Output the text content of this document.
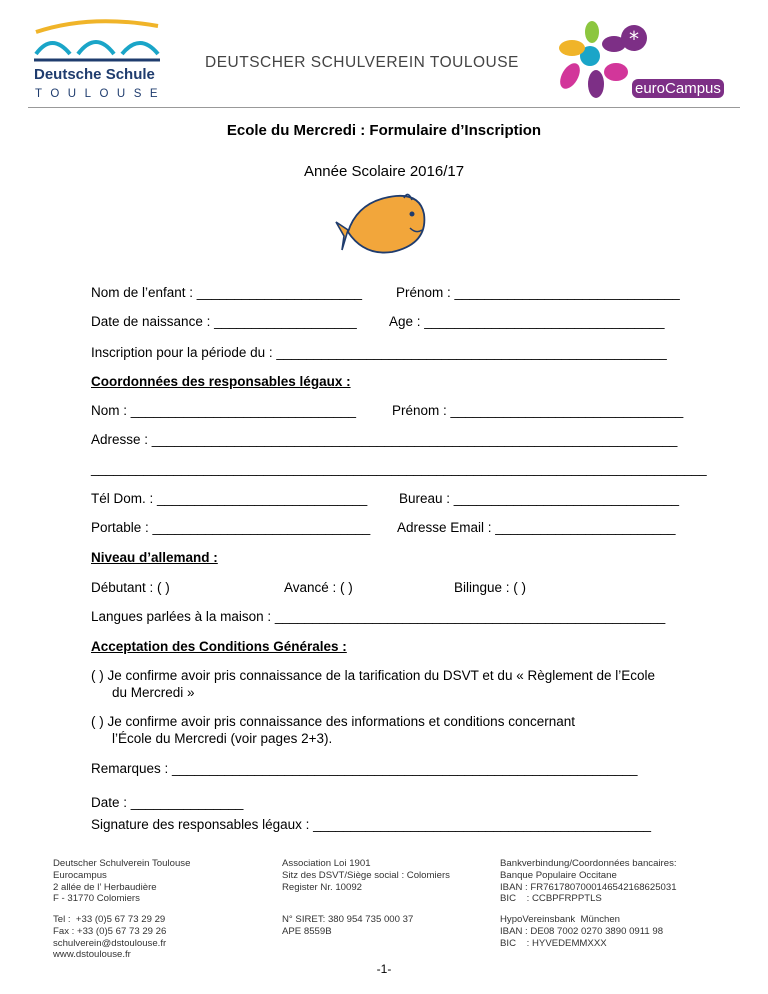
Deutsche Schule
TOULOUSE
DEUTSCHER SCHULVEREIN TOULOUSE
*
euroCampus
Ecole du Mercredi : Formulaire d’Inscription
Année Scolaire 2016/17
Nom de l’enfant : ______________________	Prénom : ______________________________
Date de naissance : ___________________ Age : ________________________________
Inscription pour la période du : ____________________________________________________
Coordonnées des responsables légaux :
Nom : ______________________________	Prénom : _______________________________
Adresse : ______________________________________________________________________
__________________________________________________________________________________
Tél Dom. : ____________________________ Bureau : ______________________________
Portable : _____________________________ Adresse Email : ________________________
Niveau d’allemand :
Débutant : ( )	Avancé : ( )	Bilingue : ( )
Langues parlées à la maison : ____________________________________________________
Acceptation des Conditions Générales :
( ) Je confirme avoir pris connaissance de la tarification du DSVT et du « Règlement de l’Ecole
du Mercredi »
( ) Je confirme avoir pris connaissance des informations et conditions concernant
l’École du Mercredi (voir pages 2+3).
Remarques : ______________________________________________________________
Date : _______________
Signature des responsables légaux : _____________________________________________
Deutscher Schulverein Toulouse
Eurocampus
2 allée de l’ Herbaudière
F - 31770 Colomiers
Tel :  +33 (0)5 67 73 29 29
Fax : +33 (0)5 67 73 29 26
schulverein@dstoulouse.fr
www.dstoulouse.fr
Association Loi 1901
Sitz des DSVT/Siège social : Colomiers
Register Nr. 10092
N° SIRET: 380 954 735 000 37
APE 8559B
Bankverbindung/Coordonnées bancaires:
Banque Populaire Occitane
IBAN : FR7617807000146542168625031
BIC    : CCBPFRPPTLS
HypoVereinsbank  München
IBAN : DE08 7002 0270 3890 0911 98
BIC    : HYVEDEMMXXX
-1-
